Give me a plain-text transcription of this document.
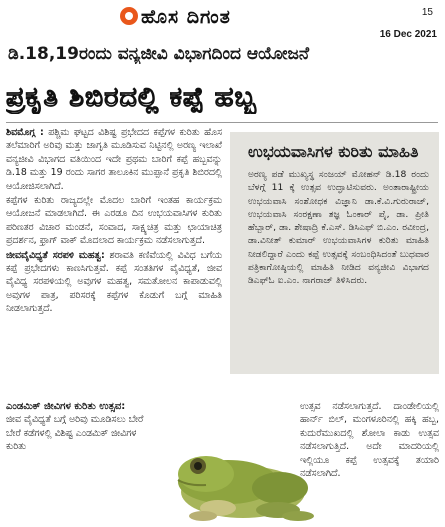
ಹೊಸ ದಿಗಂತ	15
16 Dec 2021
ಡಿ.18,19ರಂದು ವನ್ಯಜೀವಿ ವಿಭಾಗದಿಂದ ಆಯೋಜನೆ
ಪ್ರಕೃತಿ ಶಿಬಿರದಲ್ಲಿ ಕಪ್ಪೆ ಹಬ್ಬ

ಶಿವಮೊಗ್ಗ : ಪಶ್ಚಿಮ ಘಟ್ಟದ ವಿಶಿಷ್ಟ ಪ್ರಭೇದದ ಕಪ್ಪೆಗಳ ಕುರಿತು ಹೊಸ ತಲೆಮಾರಿಗೆ ಅರಿವು ಮತ್ತು ಜಾಗೃತಿ ಮೂಡಿಸುವ ನಿಟ್ಟಿನಲ್ಲಿ ಅರಣ್ಯ ಇಲಾಖೆ ವನ್ಯಜೀವಿ ವಿಭಾಗದ ವತಿಯಿಂದ ಇದೇ ಪ್ರಥಮ ಬಾರಿಗೆ ಕಪ್ಪೆ ಹಬ್ಬವನ್ನು ಡಿ.18 ಮತ್ತು 19 ರಂದು ಸಾಗರ ತಾಲೂಕಿನ ಮುಪ್ಪಾನೆ ಪ್ರಕೃತಿ ಶಿಬಿರದಲ್ಲಿ ಆಯೋಜಿಸಲಾಗಿದೆ.

ಕಪ್ಪೆಗಳ ಕುರಿತು ರಾಜ್ಯದಲ್ಲೇ ಮೊದಲ ಬಾರಿಗೆ ಇಂತಹ ಕಾರ್ಯಕ್ರಮ ಆಯೋಜನೆ ಮಾಡಲಾಗಿದೆ. ಈ ಎರಡೂ ದಿನ ಉಭಯವಾಸಿಗಳ ಕುರಿತು ಪರಿಣತರ ವಿಚಾರ ಮಂಡನೆ, ಸಂವಾದ, ಸಾಕ್ಷ್ಯಚಿತ್ರ ಮತ್ತು ಛಾಯಾಚಿತ್ರ ಪ್ರದರ್ಶನ, ಫ್ರಾಗ್ ವಾಕ್ ಮೊದಲಾದ ಕಾರ್ಯಕ್ರಮ ನಡೆಸಲಾಗುತ್ತದೆ.

ಜೀವವೈವಿಧ್ಯತೆ ಸರಪಳಿ ಮಹತ್ವ: ಶರಾವತಿ ಕಣಿವೆಯಲ್ಲಿ ವಿವಿಧ ಬಗೆಯ ಕಪ್ಪೆ ಪ್ರಭೇದಗಳು ಕಾಣಸಿಗುತ್ತವೆ. ಕಪ್ಪೆ ಸಂತತಿಗಳ ವೈವಿಧ್ಯತೆ, ಜೀವ ವೈವಿಧ್ಯ ಸರಪಳಿಯಲ್ಲಿ ಅವುಗಳ ಮಹತ್ವ, ಸಮತೋಲನ ಕಾಪಾಡುವಲ್ಲಿ ಅವುಗಳ ಪಾತ್ರ, ಪರಿಸರಕ್ಕೆ ಕಪ್ಪೆಗಳ ಕೊಡುಗೆ ಬಗ್ಗೆ ಮಾಹಿತಿ ನೀಡಲಾಗುತ್ತದೆ.

ಉಭಯವಾಸಿಗಳ ಕುರಿತು ಮಾಹಿತಿ
ಅರಣ್ಯ ಪಡೆ ಮುಖ್ಯಸ್ಥ ಸಂಜಯ್ ಮೋಹನ್ ಡಿ.18 ರಂದು ಬೆಳಗ್ಗೆ 11 ಕ್ಕೆ ಉತ್ಸವ ಉದ್ಘಾಟಿಸುವರು. ಅಂತಾರಾಷ್ಟ್ರೀಯ ಉಭಯವಾಸಿ ಸಂಶೋಧಕ ವಿಜ್ಞಾನಿ ಡಾ.ಕೆ.ವಿ.ಗುರುರಾಜ್, ಉಭಯವಾಸಿ ಸಂರಕ್ಷಣಾ ತಜ್ಞ ಓಂಕಾರ್ ಪೈ, ಡಾ. ಪ್ರೀತಿ ಹೆಬ್ಬಾರ್, ಡಾ. ಶೇಷಾದ್ರಿ ಕೆ.ಎಸ್. ಡಿಸಿಎಫ್ ಬಿ.ಎಂ. ರವೀಂದ್ರ, ಡಾ.ವಿನೀತ್ ಕುಮಾರ್ ಉಭಯವಾಸಿಗಳ ಕುರಿತು ಮಾಹಿತಿ ನೀಡಲಿದ್ದಾರೆ ಎಂದು ಕಪ್ಪೆ ಉತ್ಸವಕ್ಕೆ ಸಂಬಂಧಿಸಿದಂತೆ ಬುಧವಾರ ಪತ್ರಿಕಾಗೋಷ್ಠಿಯಲ್ಲಿ ಮಾಹಿತಿ ನೀಡಿದ ವನ್ಯಜೀವಿ ವಿಭಾಗದ ಡಿಎಫ್‌ಓ ಐ.ಎಂ. ನಾಗರಾಜ್ ತಿಳಿಸಿದರು.
ಎಂಡಮಿಕ್ ಜೀವಿಗಳ ಕುರಿತು ಉತ್ಸವ:
ಜೀವ ವೈವಿಧ್ಯತೆ ಬಗ್ಗೆ ಅರಿವು ಮೂಡಿಸಲು ಬೇರೆ ಬೇರೆ ಕಡೆಗಳಲ್ಲಿ ವಿಶಿಷ್ಟ ಎಂಡಮಿಕ್ ಜೀವಿಗಳ ಕುರಿತು
ಉತ್ಸವ ನಡೆಸಲಾಗುತ್ತದೆ. ದಾಂಡೇಲಿಯಲ್ಲಿ ಹಾರ್ನ್ ಬಿಲ್, ಮಂಗಳೂರಿನಲ್ಲಿ ಹಕ್ಕಿ ಹಬ್ಬ, ಕುದುರೆಮುಖದಲ್ಲಿ ಶೋಲಾ ಕಾಡು ಉತ್ಸವ ನಡೆಸಲಾಗುತ್ತಿದೆ. ಅದೇ ಮಾದರಿಯಲ್ಲಿ ಇಲ್ಲಿಯೂ ಕಪ್ಪೆ ಉತ್ಸವಕ್ಕೆ ತಯಾರಿ ನಡೆಸಲಾಗಿದೆ.
